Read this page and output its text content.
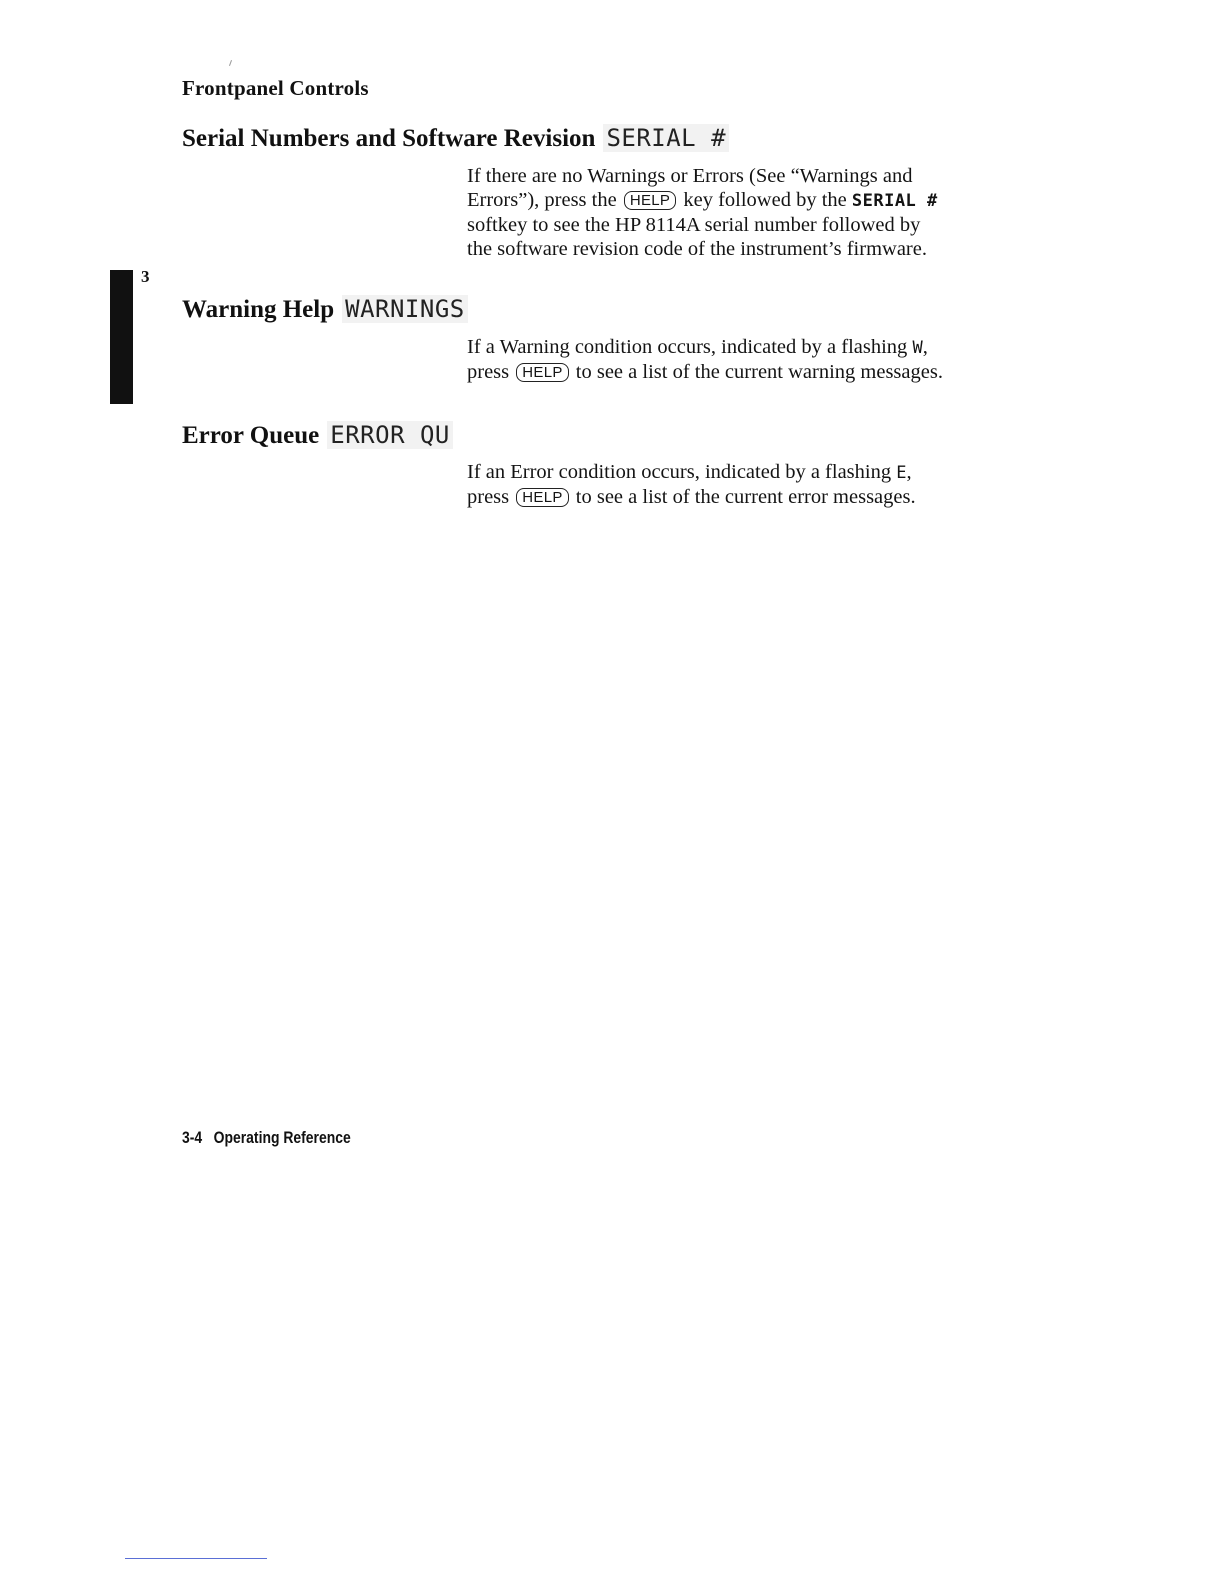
Frontpanel Controls
Serial Numbers and Software Revision SERIAL #

If there are no Warnings or Errors (See “Warnings and

Errors”), press the HELP key followed by the SERIAL #

softkey to see the HP 8114A serial number followed by

the software revision code of the instrument’s firmware.

3
Warning Help WARNINGS

If a Warning condition occurs, indicated by a flashing W,

press HELP to see a list of the current warning messages.

Error Queue ERROR QU

If an Error condition occurs, indicated by a flashing E,

press HELP to see a list of the current error messages.

3-4 Operating Reference
